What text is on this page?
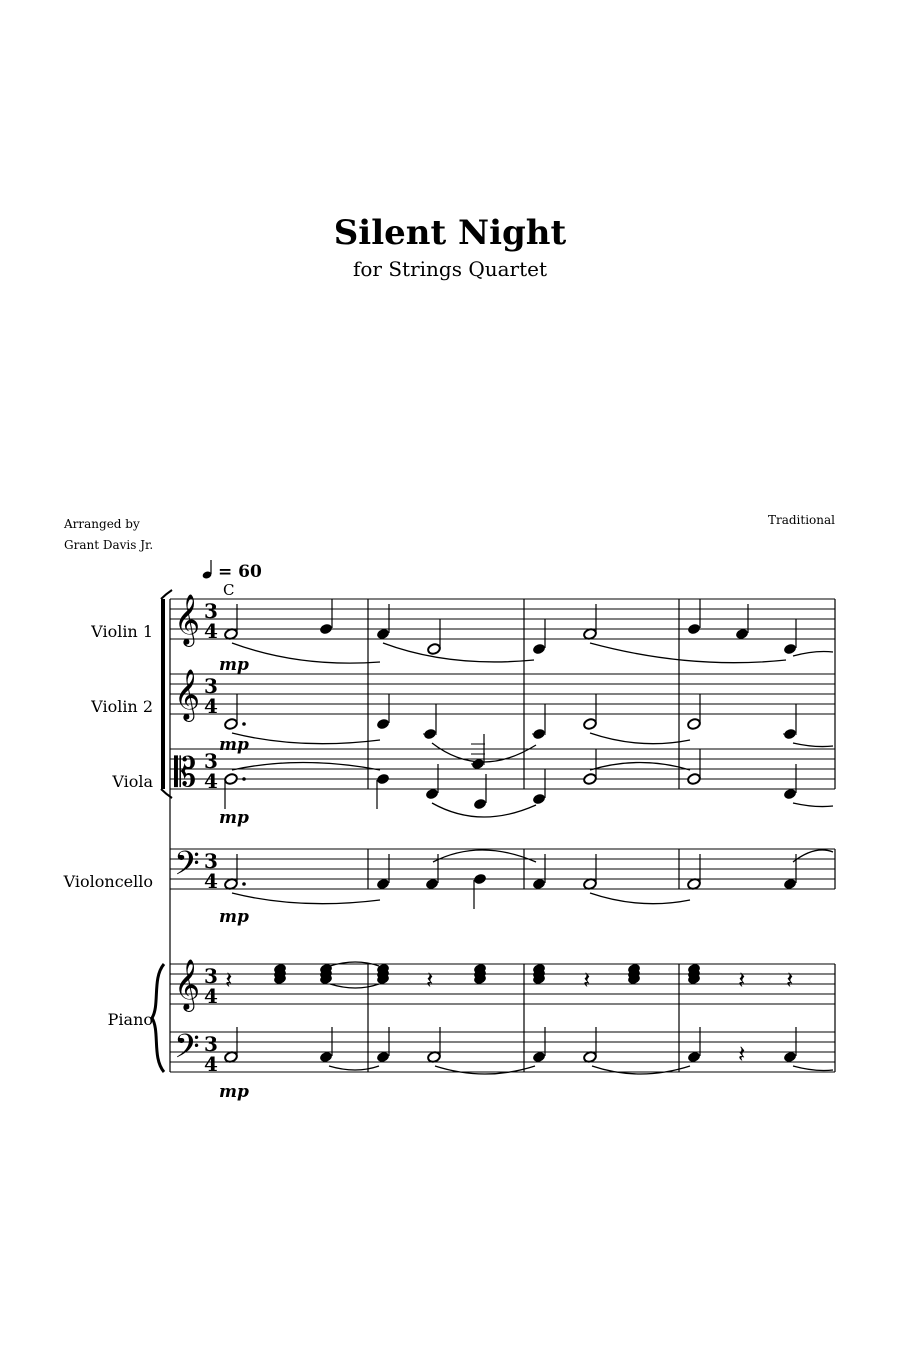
Silent Night
for Strings Quartet
Arranged by
Grant Davis Jr.
Traditional
Violin 1
Violin 2
Viola
Violoncello
Piano
= 60
C
𝄞
𝄞
𝄞
𝄡
𝄢
𝄢
3
4
3
4
3
4
3
4
3
4
3
4
mp
mp
mp
mp
mp
𝄽	𝄽	𝄽	𝄽 𝄽
𝄽
